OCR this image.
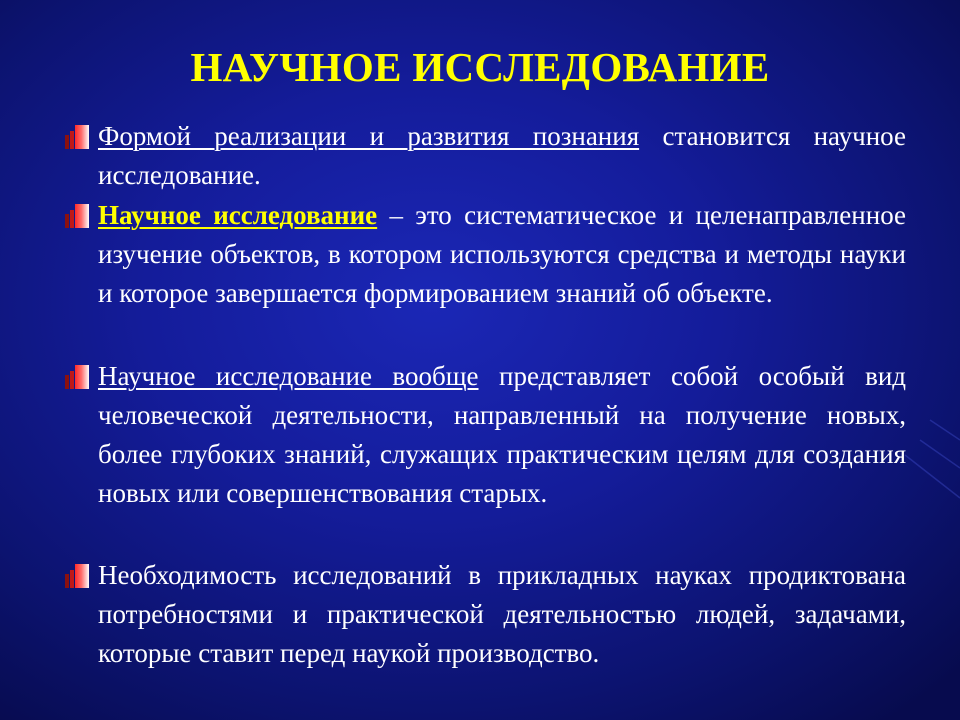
НАУЧНОЕ ИССЛЕДОВАНИЕ
Формой реализации и развития познания становится научное исследование.
Научное исследование – это систематическое и целенаправленное изучение объектов, в котором используются средства и методы науки и которое завершается формированием знаний об объекте.
Научное исследование вообще представляет собой особый вид человеческой деятельности, направленный на получение новых, более глубоких знаний, служащих практическим целям для создания новых или совершенствования старых.
Необходимость исследований в прикладных науках продиктована потребностями и практической деятельностью людей, задачами, которые ставит перед наукой производство.
